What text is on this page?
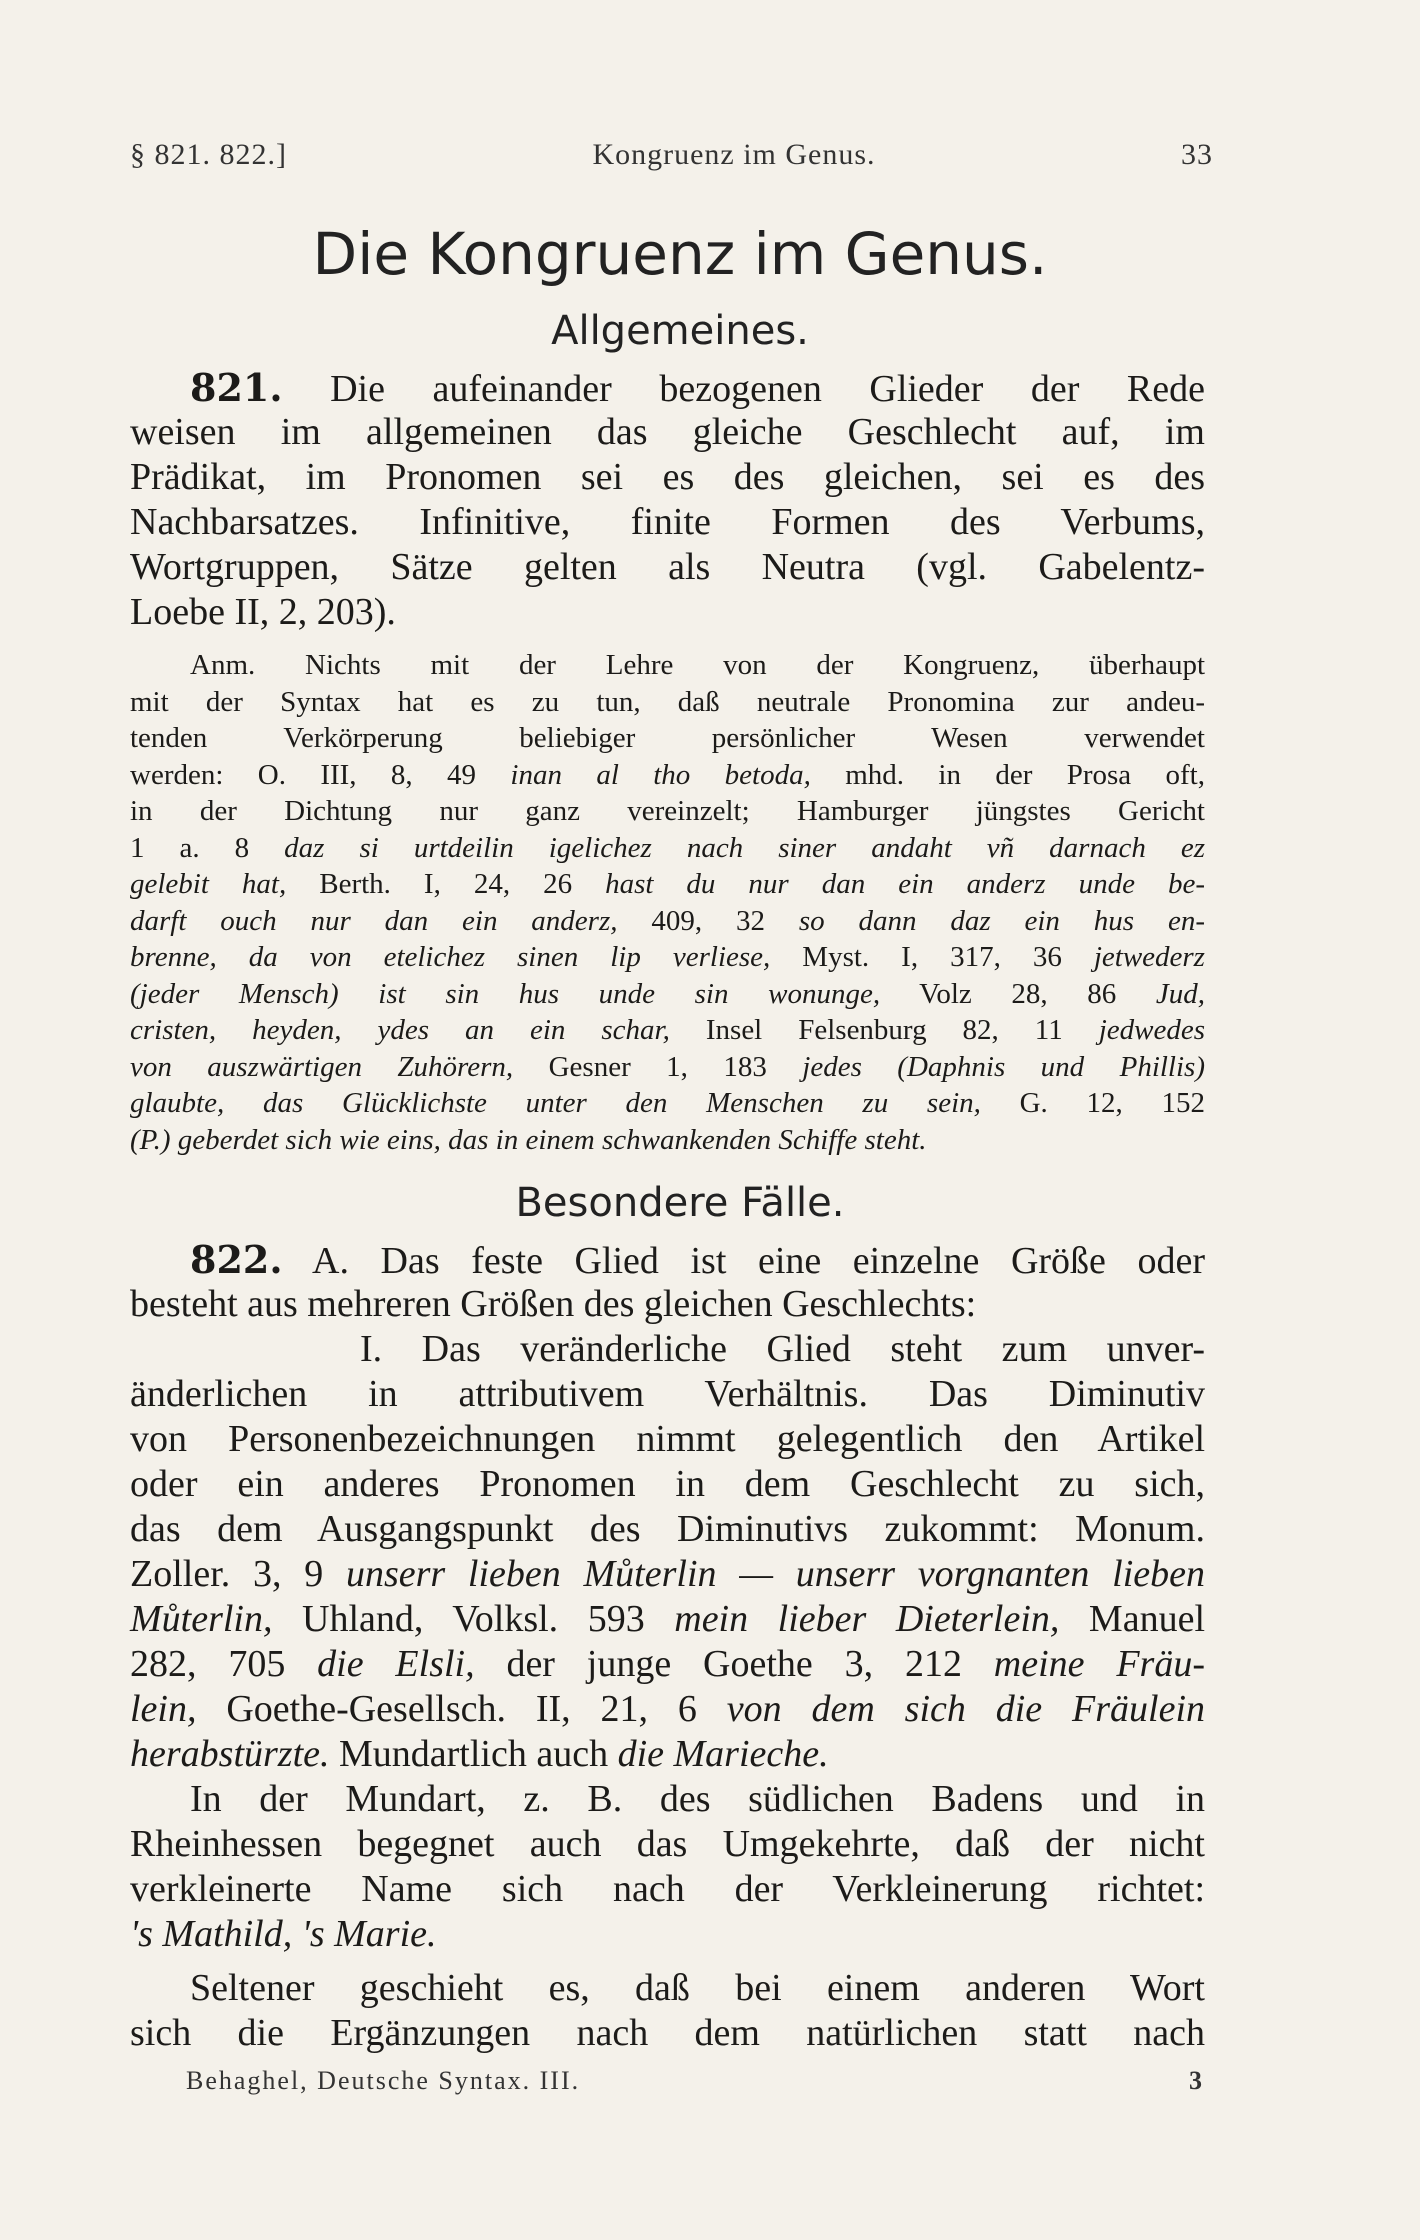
§ 821. 822.]	Kongruenz im Genus.	33
Die Kongruenz im Genus.
Allgemeines.
821. Die aufeinander bezogenen Glieder der Rede
weisen im allgemeinen das gleiche Geschlecht auf, im
Prädikat, im Pronomen sei es des gleichen, sei es des
Nachbarsatzes. Infinitive, finite Formen des Verbums,
Wortgruppen, Sätze gelten als Neutra (vgl. Gabelentz-
Loebe II, 2, 203).
Anm. Nichts mit der Lehre von der Kongruenz, überhaupt
mit der Syntax hat es zu tun, daß neutrale Pronomina zur andeu-
tenden Verkörperung beliebiger persönlicher Wesen verwendet
werden: O. III, 8, 49 inan al tho betoda, mhd. in der Prosa oft,
in der Dichtung nur ganz vereinzelt; Hamburger jüngstes Gericht
1 a. 8 daz si urtdeilin igelichez nach siner andaht vñ darnach ez
gelebit hat, Berth. I, 24, 26 hast du nur dan ein anderz unde be-
darft ouch nur dan ein anderz, 409, 32 so dann daz ein hus en-
brenne, da von etelichez sinen lip verliese, Myst. I, 317, 36 jetwederz
(jeder Mensch) ist sin hus unde sin wonunge, Volz 28, 86 Jud,
cristen, heyden, ydes an ein schar, Insel Felsenburg 82, 11 jedwedes
von auszwärtigen Zuhörern, Gesner 1, 183 jedes (Daphnis und Phillis)
glaubte, das Glücklichste unter den Menschen zu sein, G. 12, 152
(P.) geberdet sich wie eins, das in einem schwankenden Schiffe steht.
Besondere Fälle.
822. A. Das feste Glied ist eine einzelne Größe oder
besteht aus mehreren Größen des gleichen Geschlechts:
I. Das veränderliche Glied steht zum unver-
änderlichen in attributivem Verhältnis. Das Diminutiv
von Personenbezeichnungen nimmt gelegentlich den Artikel
oder ein anderes Pronomen in dem Geschlecht zu sich,
das dem Ausgangspunkt des Diminutivs zukommt: Monum.
Zoller. 3, 9 unserr lieben Můterlin — unserr vorgnanten lieben
Můterlin, Uhland, Volksl. 593 mein lieber Dieterlein, Manuel
282, 705 die Elsli, der junge Goethe 3, 212 meine Fräu-
lein, Goethe-Gesellsch. II, 21, 6 von dem sich die Fräulein
herabstürzte. Mundartlich auch die Marieche.
In der Mundart, z. B. des südlichen Badens und in
Rheinhessen begegnet auch das Umgekehrte, daß der nicht
verkleinerte Name sich nach der Verkleinerung richtet:
's Mathild, 's Marie.
Seltener geschieht es, daß bei einem anderen Wort
sich die Ergänzungen nach dem natürlichen statt nach
Behaghel, Deutsche Syntax. III.	3
